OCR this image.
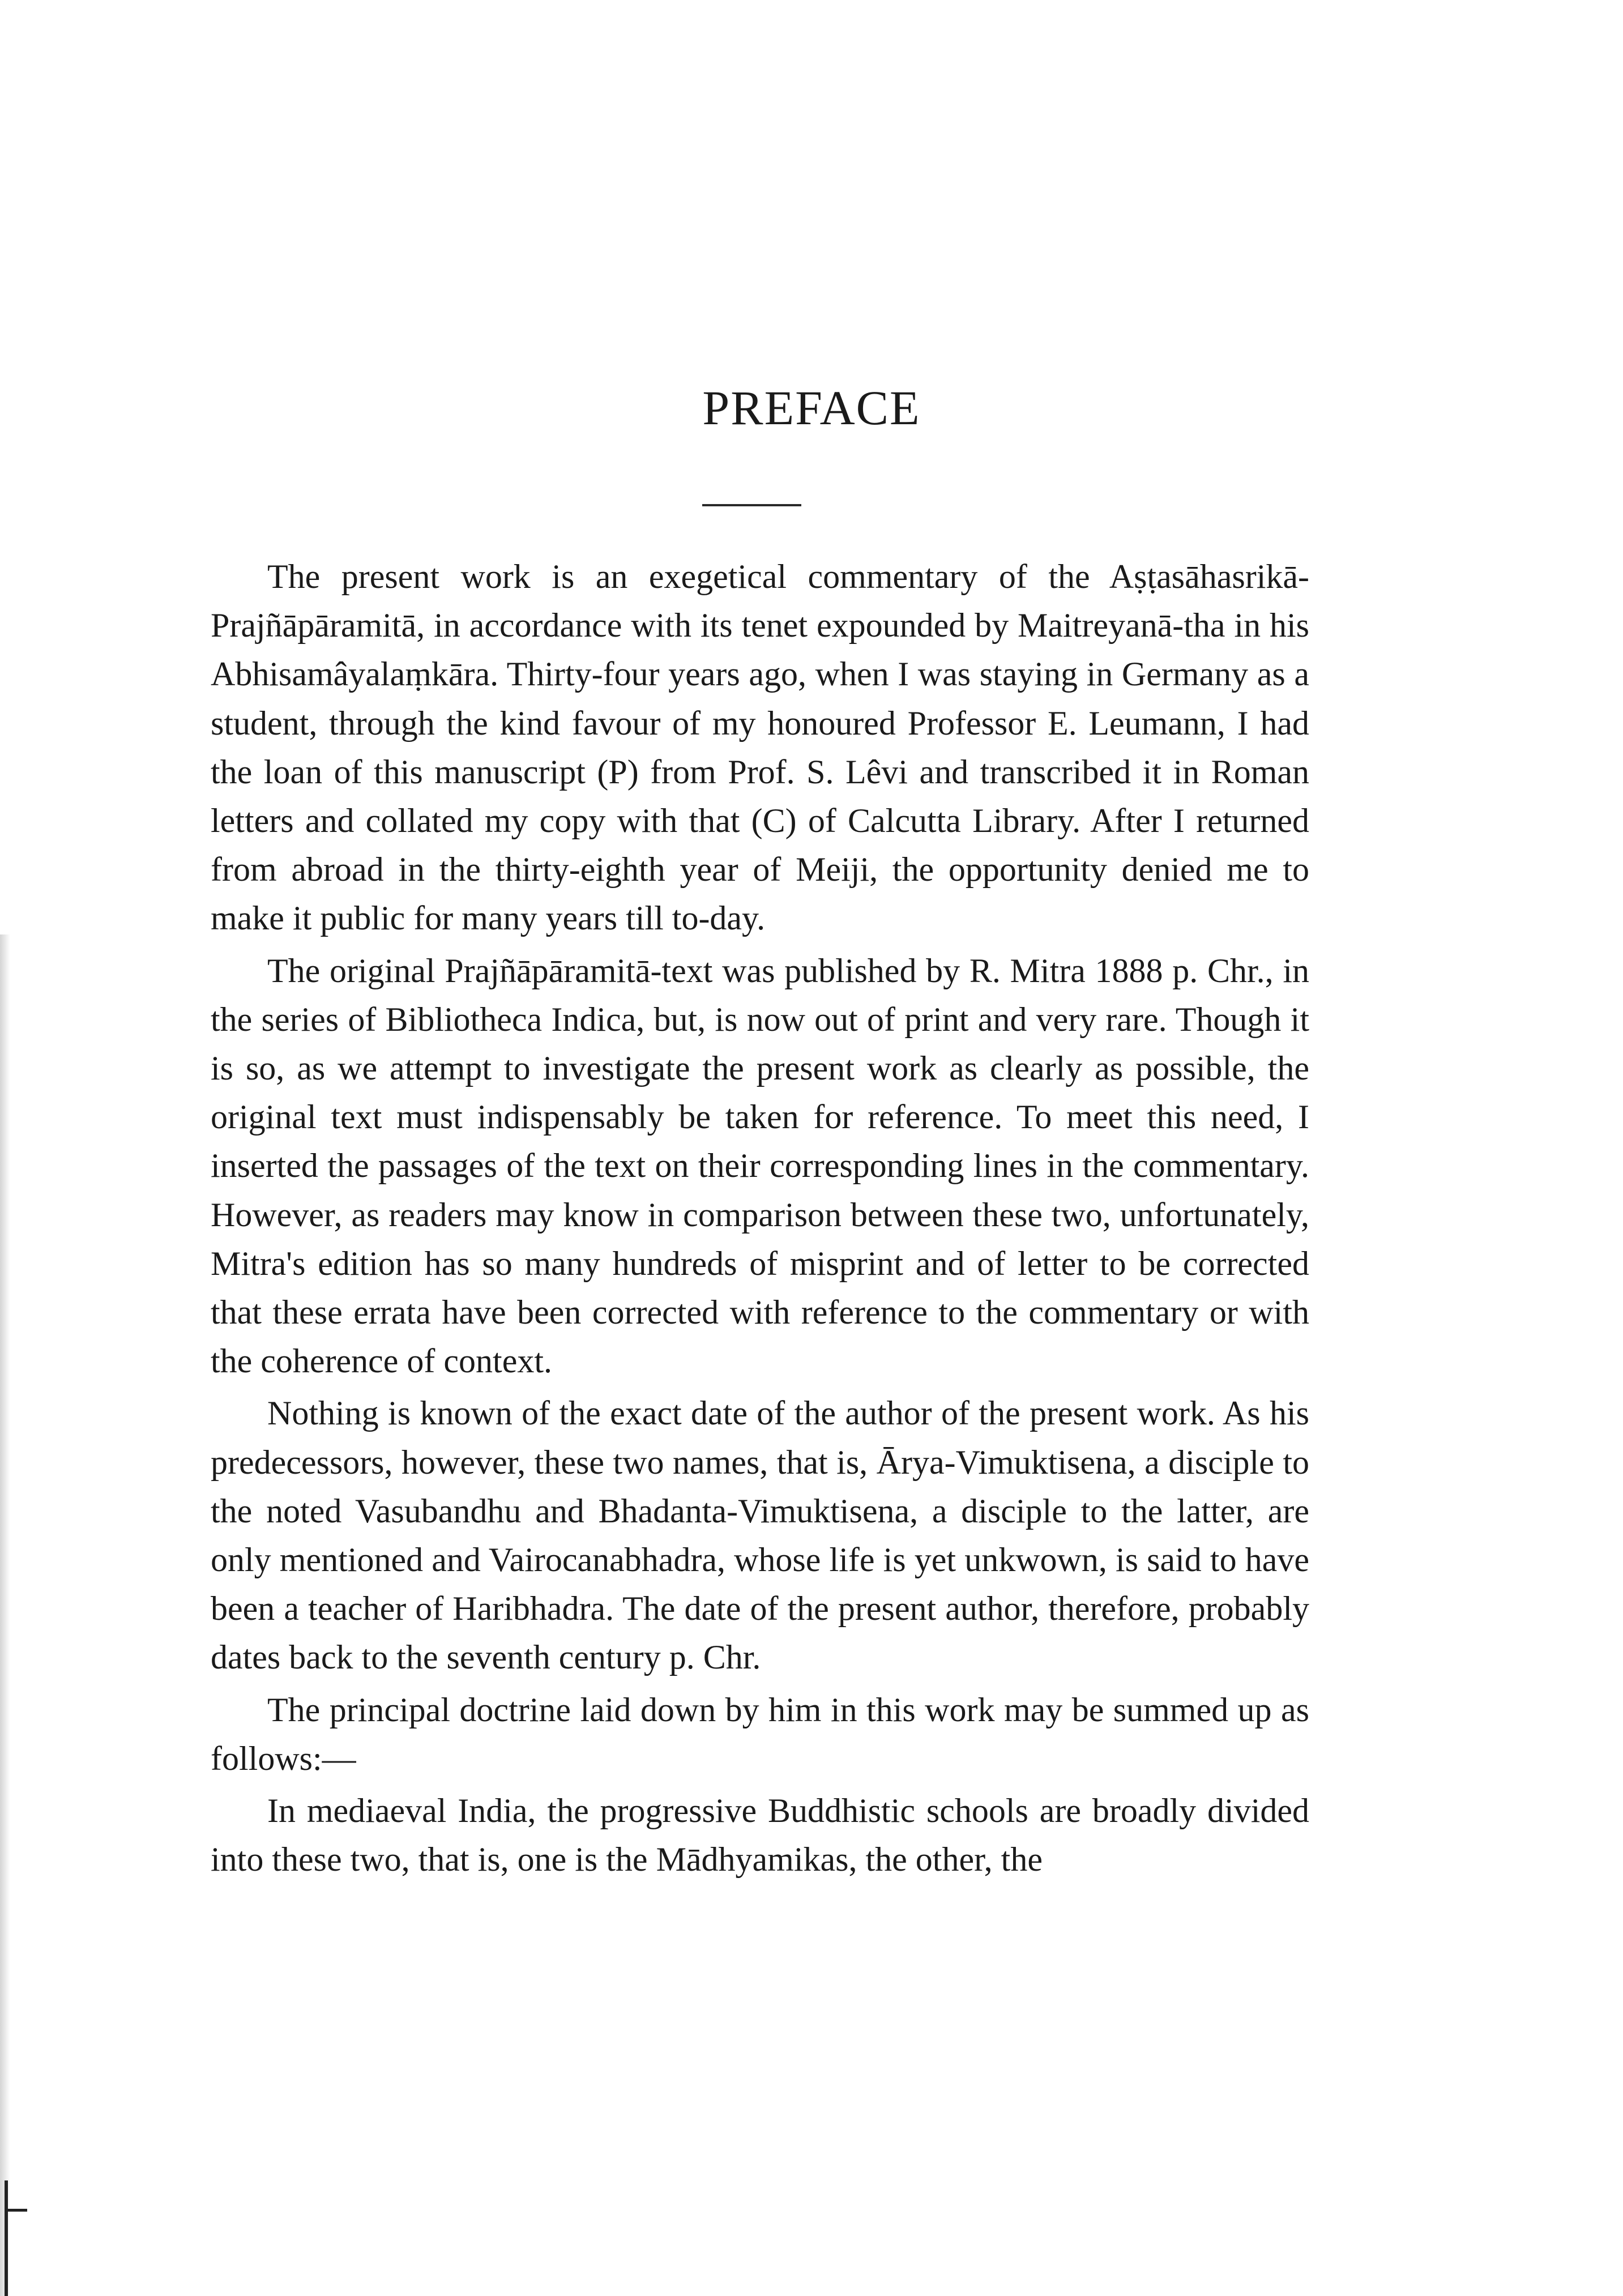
PREFACE

The present work is an exegetical commentary of the Aṣṭasāhasrikā-Prajñāpāramitā, in accordance with its tenet expounded by Maitreyanā-tha in his Abhisamâyalaṃkāra. Thirty-four years ago, when I was staying in Germany as a student, through the kind favour of my honoured Professor E. Leumann, I had the loan of this manuscript (P) from Prof. S. Lêvi and transcribed it in Roman letters and collated my copy with that (C) of Calcutta Library. After I returned from abroad in the thirty-eighth year of Meiji, the opportunity denied me to make it public for many years till to-day.

The original Prajñāpāramitā-text was published by R. Mitra 1888 p. Chr., in the series of Bibliotheca Indica, but, is now out of print and very rare. Though it is so, as we attempt to investigate the present work as clearly as possible, the original text must indispensably be taken for reference. To meet this need, I inserted the passages of the text on their corresponding lines in the commentary. However, as readers may know in comparison between these two, unfortunately, Mitra's edition has so many hundreds of misprint and of letter to be corrected that these errata have been corrected with reference to the commentary or with the coherence of context.

Nothing is known of the exact date of the author of the present work. As his predecessors, however, these two names, that is, Ārya-Vimuktisena, a disciple to the noted Vasubandhu and Bhadanta-Vimuktisena, a disciple to the latter, are only mentioned and Vairocanabhadra, whose life is yet unkwown, is said to have been a teacher of Haribhadra. The date of the present author, therefore, probably dates back to the seventh century p. Chr.

The principal doctrine laid down by him in this work may be summed up as follows:—

In mediaeval India, the progressive Buddhistic schools are broadly divided into these two, that is, one is the Mādhyamikas, the other, the
